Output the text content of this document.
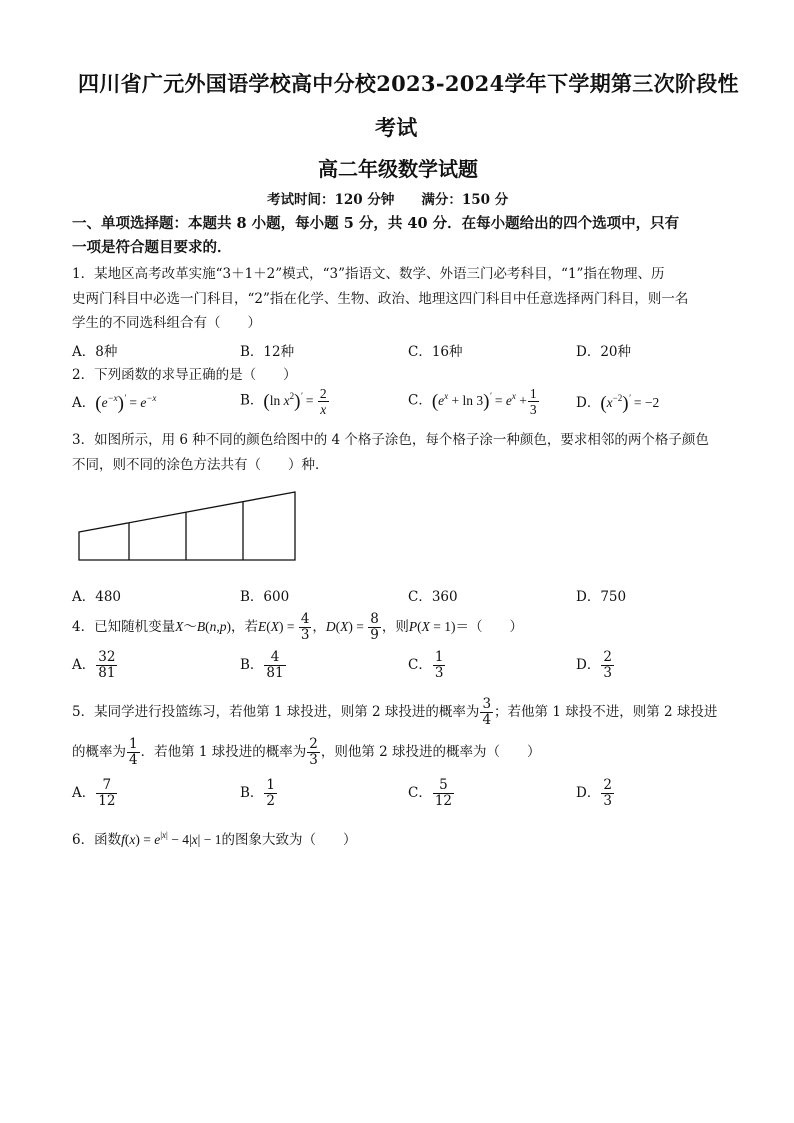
四川省广元外国语学校高中分校2023-2024学年下学期第三次阶段性
考试
高二年级数学试题
考试时间：120 分钟　　满分：150 分
一、单项选择题：本题共 8 小题，每小题 5 分，共 40 分．在每小题给出的四个选项中，只有
一项是符合题目要求的．
1．某地区高考改革实施“3＋1＋2”模式，“3”指语文、数学、外语三门必考科目，“1”指在物理、历
史两门科目中必选一门科目，“2”指在化学、生物、政治、地理这四门科目中任意选择两门科目，则一名
学生的不同选科组合有（　　）
A．8种	B．12种	C．16种	D．20种
2．下列函数的求导正确的是（　　）
A．$(e^{-x})' = e^{-x}$	B．(ln $x^2)' = \frac{2}{x}$	C．$(e^x + \ln 3)' = e^x + \frac{1}{3}$	D．$(x^{-2})' = -2$
3．如图所示，用 6 种不同的颜色给图中的 4 个格子涂色，每个格子涂一种颜色，要求相邻的两个格子颜色
不同，则不同的涂色方法共有（　　）种．
A．480	B．600	C．360	D．750
4．已知随机变量X～B(n,p)，若$E(X) = \frac{4}{3}$ ，$D(X) = \frac{8}{9}$ ，则P(X = 1)＝（　　）
A． $\frac{32}{81}$	B． $\frac{4}{81}$	C． $\frac{1}{3}$	D． $\frac{2}{3}$
5．某同学进行投篮练习，若他第 1 球投进，则第 2 球投进的概率为 $\frac{3}{4}$ ；若他第 1 球投不进，则第 2 球投进
的概率为 $\frac{1}{4}$ ．若他第 1 球投进的概率为 $\frac{2}{3}$ ，则他第 2 球投进的概率为（　　）
A． $\frac{7}{12}$	B． $\frac{1}{2}$	C． $\frac{5}{12}$	D． $\frac{2}{3}$
6．函数$f(x) = e^{|x|} - 4|x| - 1$的图象大致为（　　）
